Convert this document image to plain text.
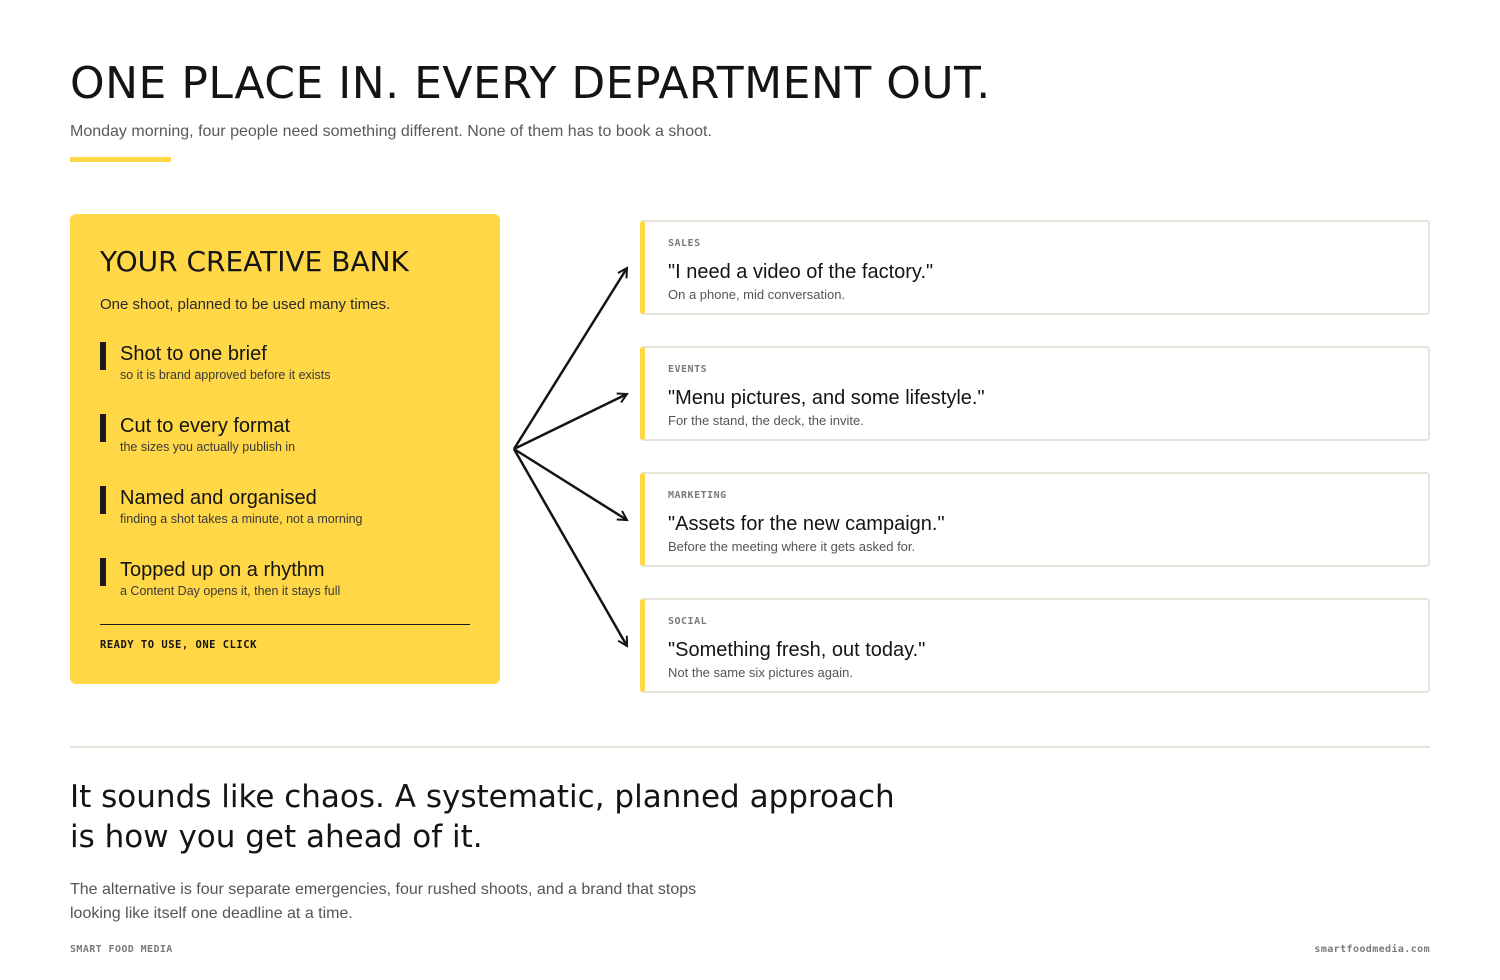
ONE PLACE IN. EVERY DEPARTMENT OUT.

Monday morning, four people need something different. None of them has to book a shoot.

YOUR CREATIVE BANK

One shoot, planned to be used many times.

Shot to one brief
so it is brand approved before it exists
Cut to every format
the sizes you actually publish in
Named and organised
finding a shot takes a minute, not a morning
Topped up on a rhythm
a Content Day opens it, then it stays full
READY TO USE, ONE CLICK
SALES
"I need a video of the factory."
On a phone, mid conversation.
EVENTS
"Menu pictures, and some lifestyle."
For the stand, the deck, the invite.
MARKETING
"Assets for the new campaign."
Before the meeting where it gets asked for.
SOCIAL
"Something fresh, out today."
Not the same six pictures again.
It sounds like chaos. A systematic, planned approach
is how you get ahead of it.

The alternative is four separate emergencies, four rushed shoots, and a brand that stops looking like itself one deadline at a time.

SMART FOOD MEDIA	smartfoodmedia.com
